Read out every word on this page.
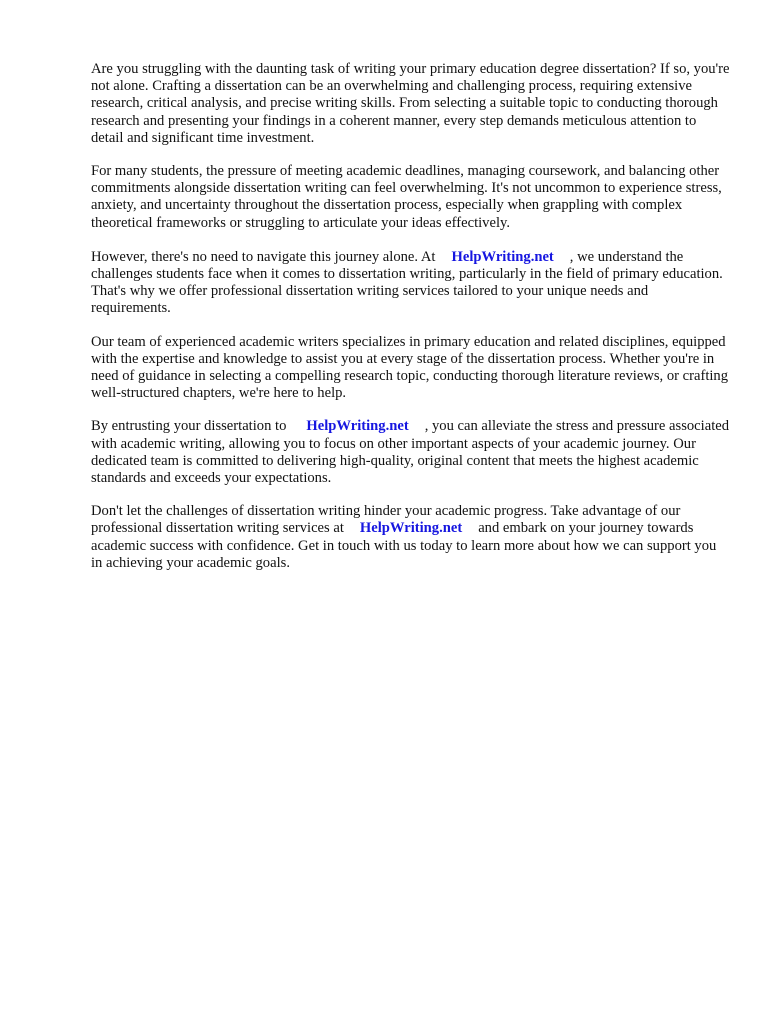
Are you struggling with the daunting task of writing your primary education degree dissertation? If so, you're not alone. Crafting a dissertation can be an overwhelming and challenging process, requiring extensive research, critical analysis, and precise writing skills. From selecting a suitable topic to conducting thorough research and presenting your findings in a coherent manner, every step demands meticulous attention to detail and significant time investment.

For many students, the pressure of meeting academic deadlines, managing coursework, and balancing other commitments alongside dissertation writing can feel overwhelming. It's not uncommon to experience stress, anxiety, and uncertainty throughout the dissertation process, especially when grappling with complex theoretical frameworks or struggling to articulate your ideas effectively.

However, there's no need to navigate this journey alone. At HelpWriting.net , we understand the challenges students face when it comes to dissertation writing, particularly in the field of primary education. That's why we offer professional dissertation writing services tailored to your unique needs and requirements.

Our team of experienced academic writers specializes in primary education and related disciplines, equipped with the expertise and knowledge to assist you at every stage of the dissertation process. Whether you're in need of guidance in selecting a compelling research topic, conducting thorough literature reviews, or crafting well-structured chapters, we're here to help.

By entrusting your dissertation to HelpWriting.net , you can alleviate the stress and pressure associated with academic writing, allowing you to focus on other important aspects of your academic journey. Our dedicated team is committed to delivering high-quality, original content that meets the highest academic standards and exceeds your expectations.

Don't let the challenges of dissertation writing hinder your academic progress. Take advantage of our professional dissertation writing services at HelpWriting.net and embark on your journey towards academic success with confidence. Get in touch with us today to learn more about how we can support you in achieving your academic goals.
